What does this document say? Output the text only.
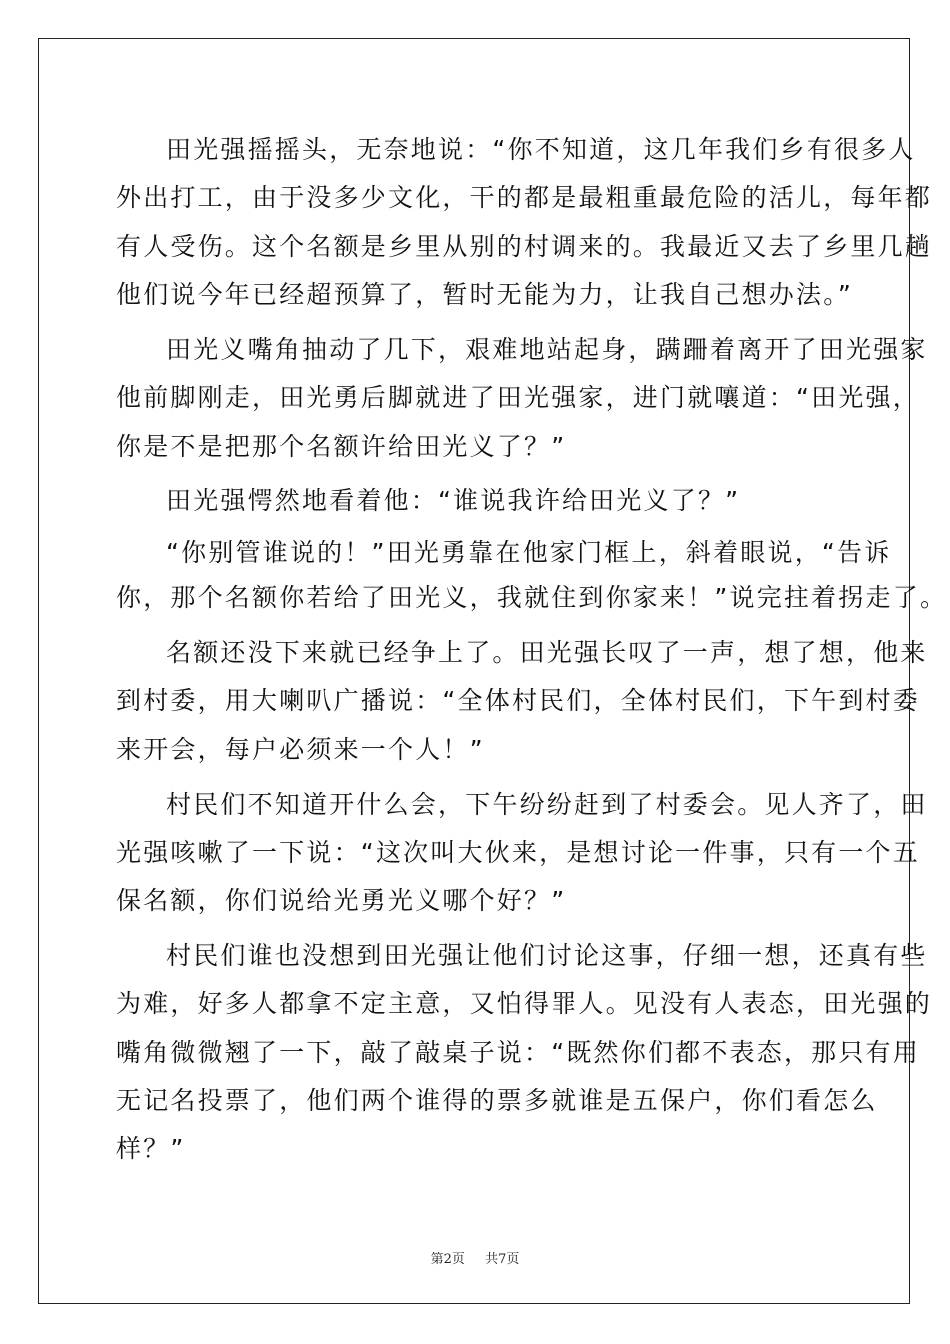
田光强摇摇头，无奈地说：“你不知道，这几年我们乡有很多人
外出打工，由于没多少文化，干的都是最粗重最危险的活儿，每年都
有人受伤。这个名额是乡里从别的村调来的。我最近又去了乡里几趟
他们说今年已经超预算了，暂时无能为力，让我自己想办法。”
田光义嘴角抽动了几下，艰难地站起身，蹒跚着离开了田光强家
他前脚刚走，田光勇后脚就进了田光强家，进门就嚷道：“田光强，
你是不是把那个名额许给田光义了？”
田光强愕然地看着他：“谁说我许给田光义了？”
“你别管谁说的！”田光勇靠在他家门框上，斜着眼说，“告诉
你，那个名额你若给了田光义，我就住到你家来！”说完拄着拐走了。
名额还没下来就已经争上了。田光强长叹了一声，想了想，他来
到村委，用大喇叭广播说：“全体村民们，全体村民们，下午到村委
来开会，每户必须来一个人！”
村民们不知道开什么会，下午纷纷赶到了村委会。见人齐了，田
光强咳嗽了一下说：“这次叫大伙来，是想讨论一件事，只有一个五
保名额，你们说给光勇光义哪个好？”
村民们谁也没想到田光强让他们讨论这事，仔细一想，还真有些
为难，好多人都拿不定主意，又怕得罪人。见没有人表态，田光强的
嘴角微微翘了一下，敲了敲桌子说：“既然你们都不表态，那只有用
无记名投票了，他们两个谁得的票多就谁是五保户，你们看怎么
样？”
第2页 共7页
